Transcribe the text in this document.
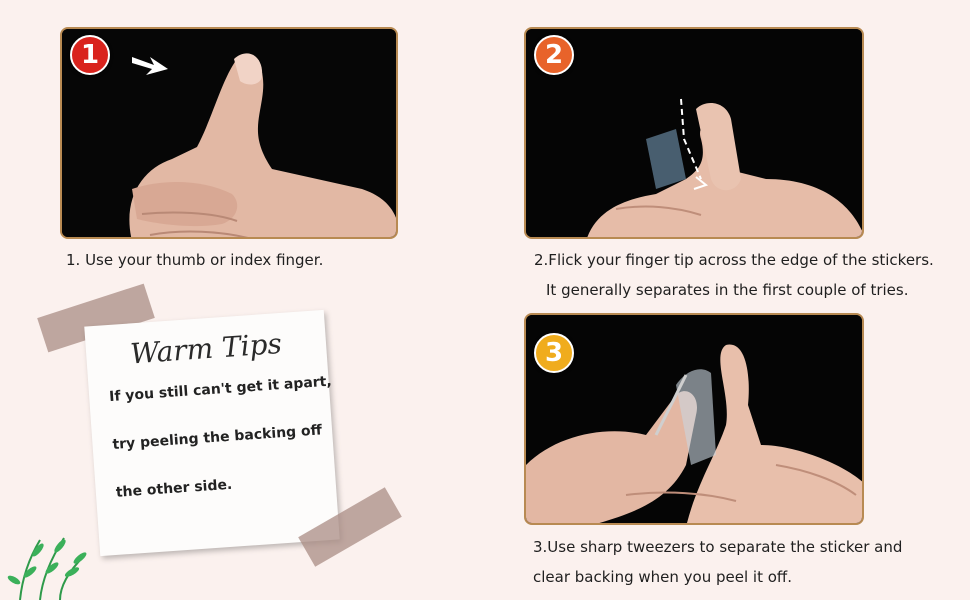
1
1. Use your thumb or index finger.
2
2.Flick your finger tip across the edge of the stickers.
It generally separates in the first couple of tries.
3
3.Use sharp tweezers to separate the sticker and
clear backing when you peel it off.
Warm Tips
If you still can't get it apart,
try peeling the backing off
the other side.
